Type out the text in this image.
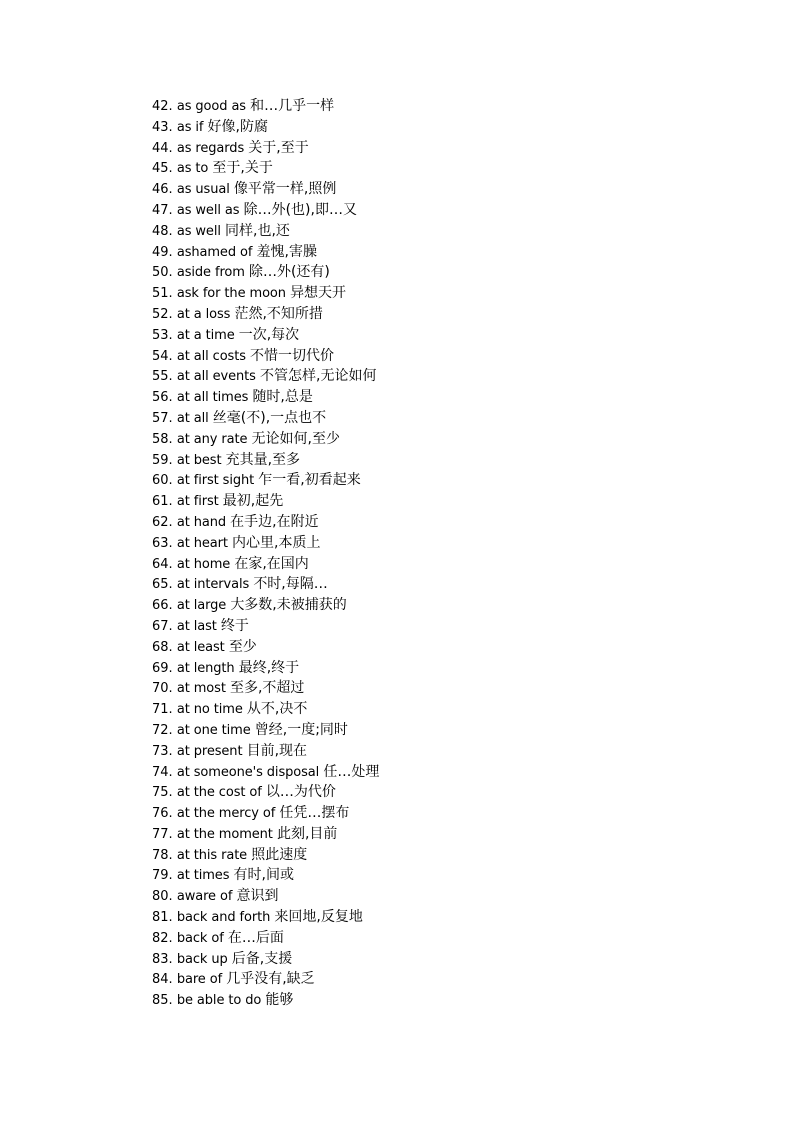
42. as good as 和…几乎一样
43. as if 好像,防腐
44. as regards 关于,至于
45. as to 至于,关于
46. as usual 像平常一样,照例
47. as well as 除…外(也),即…又
48. as well 同样,也,还
49. ashamed of 羞愧,害臊
50. aside from 除…外(还有)
51. ask for the moon 异想天开
52. at a loss 茫然,不知所措
53. at a time 一次,每次
54. at all costs 不惜一切代价
55. at all events 不管怎样,无论如何
56. at all times 随时,总是
57. at all 丝毫(不),一点也不
58. at any rate 无论如何,至少
59. at best 充其量,至多
60. at first sight 乍一看,初看起来
61. at first 最初,起先
62. at hand 在手边,在附近
63. at heart 内心里,本质上
64. at home 在家,在国内
65. at intervals 不时,每隔…
66. at large 大多数,未被捕获的
67. at last 终于
68. at least 至少
69. at length 最终,终于
70. at most 至多,不超过
71. at no time 从不,决不
72. at one time 曾经,一度;同时
73. at present 目前,现在
74. at someone's disposal 任…处理
75. at the cost of 以…为代价
76. at the mercy of 任凭…摆布
77. at the moment 此刻,目前
78. at this rate 照此速度
79. at times 有时,间或
80. aware of 意识到
81. back and forth 来回地,反复地
82. back of 在…后面
83. back up 后备,支援
84. bare of 几乎没有,缺乏
85. be able to do 能够
